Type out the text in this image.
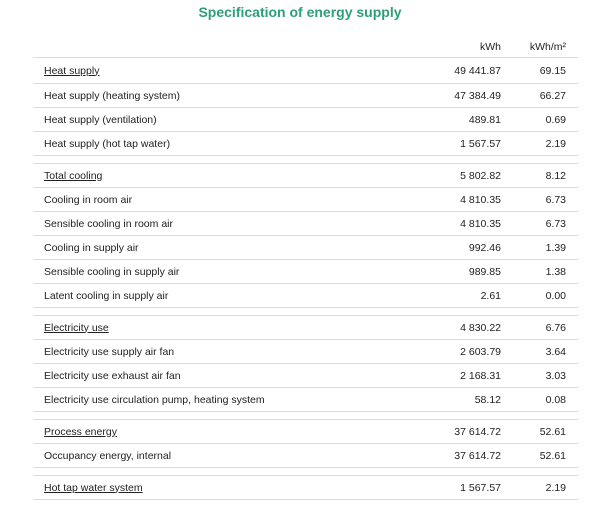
Specification of energy supply
	kWh	kWh/m²
Heat supply	49 441.87	69.15
Heat supply (heating system)	47 384.49	66.27
Heat supply (ventilation)	489.81	0.69
Heat supply (hot tap water)	1 567.57	2.19

Total cooling	5 802.82	8.12
Cooling in room air	4 810.35	6.73
Sensible cooling in room air	4 810.35	6.73
Cooling in supply air	992.46	1.39
Sensible cooling in supply air	989.85	1.38
Latent cooling in supply air	2.61	0.00

Electricity use	4 830.22	6.76
Electricity use supply air fan	2 603.79	3.64
Electricity use exhaust air fan	2 168.31	3.03
Electricity use circulation pump, heating system	58.12	0.08

Process energy	37 614.72	52.61
Occupancy energy, internal	37 614.72	52.61

Hot tap water system	1 567.57	2.19
